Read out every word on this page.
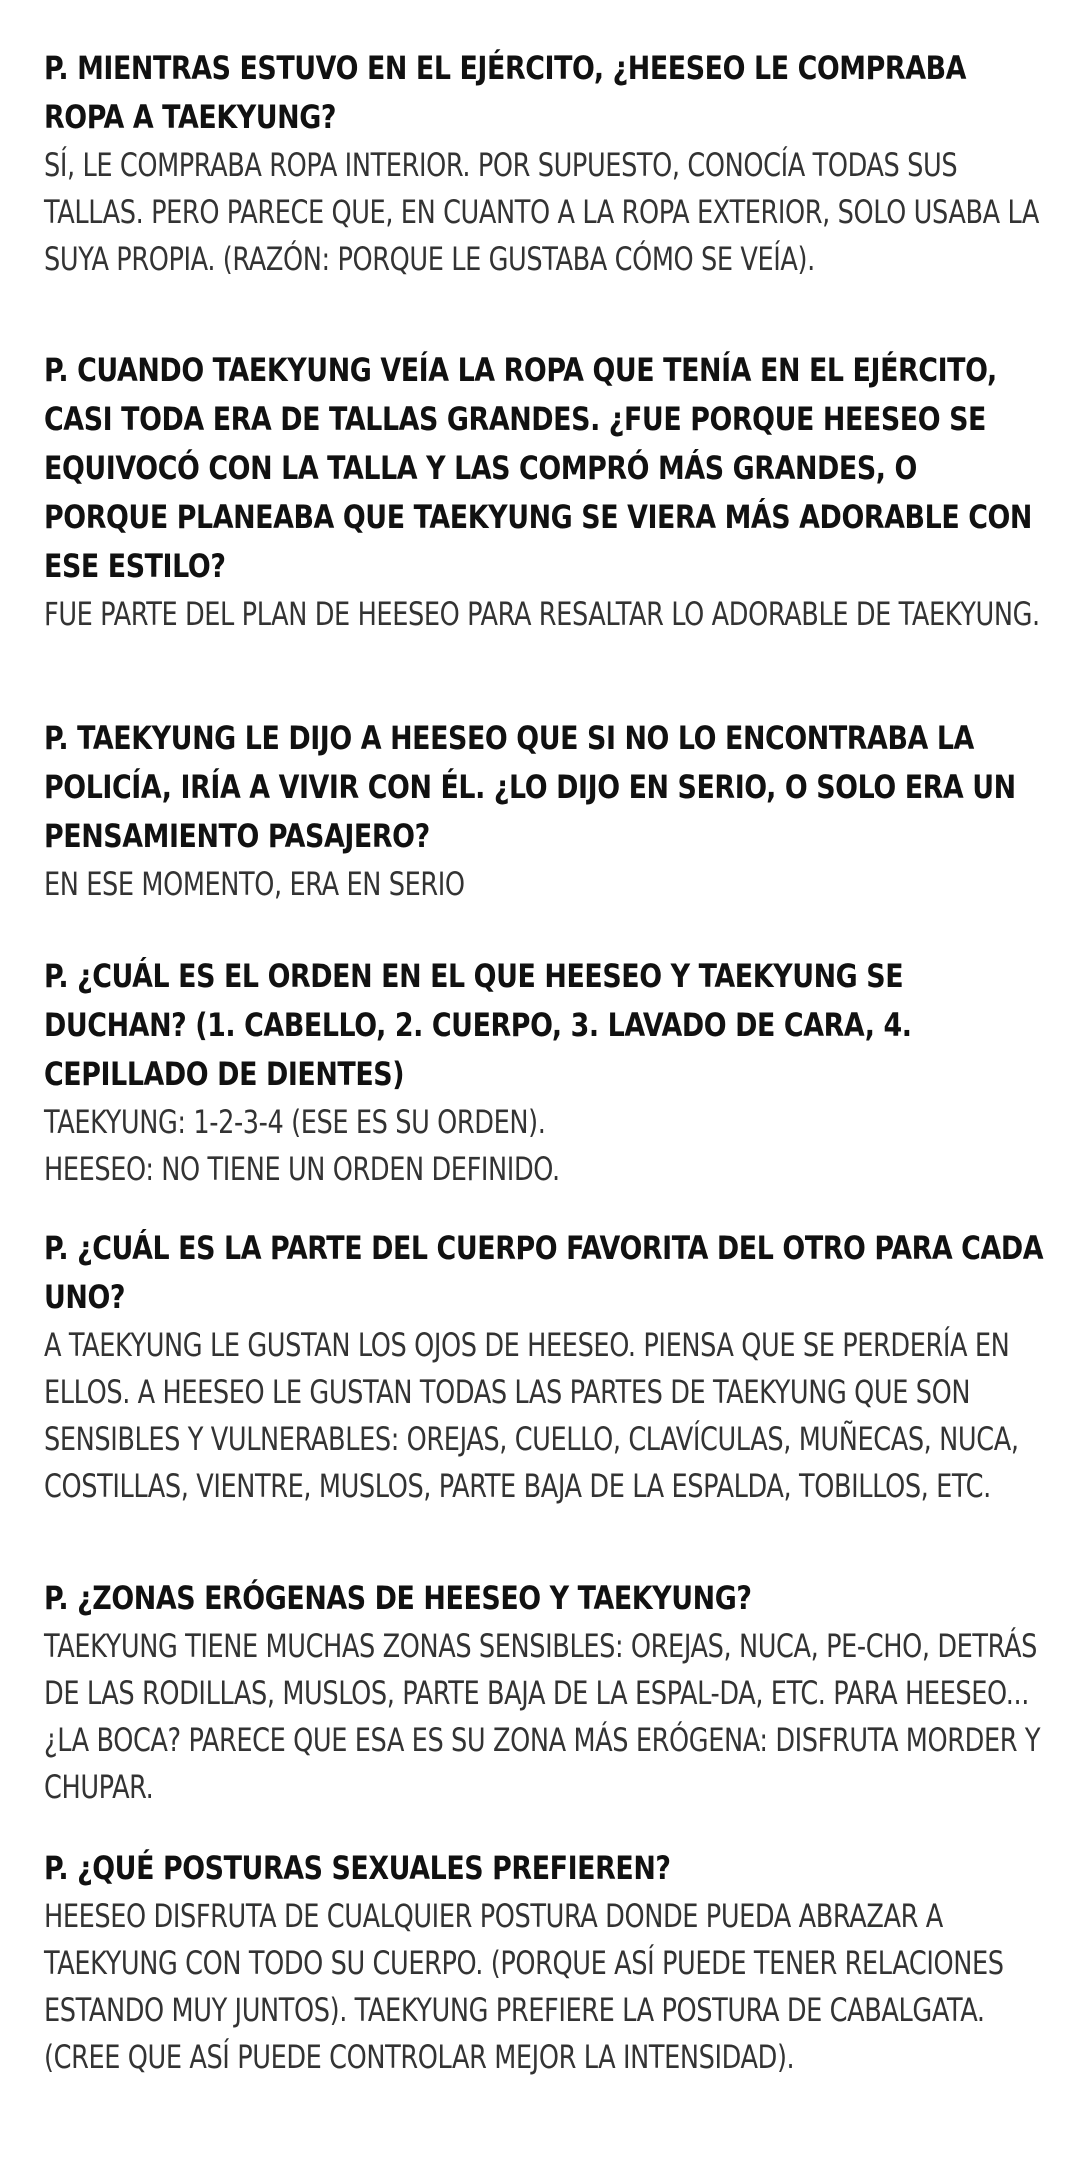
P. MIENTRAS ESTUVO EN EL EJÉRCITO, ¿HEESEO LE COMPRABA ROPA A TAEKYUNG?

SÍ, LE COMPRABA ROPA INTERIOR. POR SUPUESTO, CONOCÍA TODAS SUS TALLAS. PERO PARECE QUE, EN CUANTO A LA ROPA EXTERIOR, SOLO USABA LA SUYA PROPIA. (RAZÓN: PORQUE LE GUSTABA CÓMO SE VEÍA).

P. CUANDO TAEKYUNG VEÍA LA ROPA QUE TENÍA EN EL EJÉRCITO, CASI TODA ERA DE TALLAS GRANDES. ¿FUE PORQUE HEESEO SE EQUIVOCÓ CON LA TALLA Y LAS COMPRÓ MÁS GRANDES, O PORQUE PLANEABA QUE TAEKYUNG SE VIERA MÁS ADORABLE CON ESE ESTILO?

FUE PARTE DEL PLAN DE HEESEO PARA RESALTAR LO ADORABLE DE TAEKYUNG.

P. TAEKYUNG LE DIJO A HEESEO QUE SI NO LO ENCONTRABA LA POLICÍA, IRÍA A VIVIR CON ÉL. ¿LO DIJO EN SERIO, O SOLO ERA UN PENSAMIENTO PASAJERO?

EN ESE MOMENTO, ERA EN SERIO

P. ¿CUÁL ES EL ORDEN EN EL QUE HEESEO Y TAEKYUNG SE DUCHAN? (1. CABELLO, 2. CUERPO, 3. LAVADO DE CARA, 4. CEPILLADO DE DIENTES)

TAEKYUNG: 1-2-3-4 (ESE ES SU ORDEN).
HEESEO: NO TIENE UN ORDEN DEFINIDO.

P. ¿CUÁL ES LA PARTE DEL CUERPO FAVORITA DEL OTRO PARA CADA UNO?

A TAEKYUNG LE GUSTAN LOS OJOS DE HEESEO. PIENSA QUE SE PERDERÍA EN ELLOS. A HEESEO LE GUSTAN TODAS LAS PARTES DE TAEKYUNG QUE SON SENSIBLES Y VULNERABLES: OREJAS, CUELLO, CLAVÍCULAS, MUÑECAS, NUCA, COSTILLAS, VIENTRE, MUSLOS, PARTE BAJA DE LA ESPALDA, TOBILLOS, ETC.

P. ¿ZONAS ERÓGENAS DE HEESEO Y TAEKYUNG?

TAEKYUNG TIENE MUCHAS ZONAS SENSIBLES: OREJAS, NUCA, PE-CHO, DETRÁS DE LAS RODILLAS, MUSLOS, PARTE BAJA DE LA ESPAL-DA, ETC. PARA HEESEO... ¿LA BOCA? PARECE QUE ESA ES SU ZONA MÁS ERÓGENA: DISFRUTA MORDER Y CHUPAR.

P. ¿QUÉ POSTURAS SEXUALES PREFIEREN?

HEESEO DISFRUTA DE CUALQUIER POSTURA DONDE PUEDA ABRAZAR A TAEKYUNG CON TODO SU CUERPO. (PORQUE ASÍ PUEDE TENER RELACIONES ESTANDO MUY JUNTOS). TAEKYUNG PREFIERE LA POSTURA DE CABALGATA. (CREE QUE ASÍ PUEDE CONTROLAR MEJOR LA INTENSIDAD).
